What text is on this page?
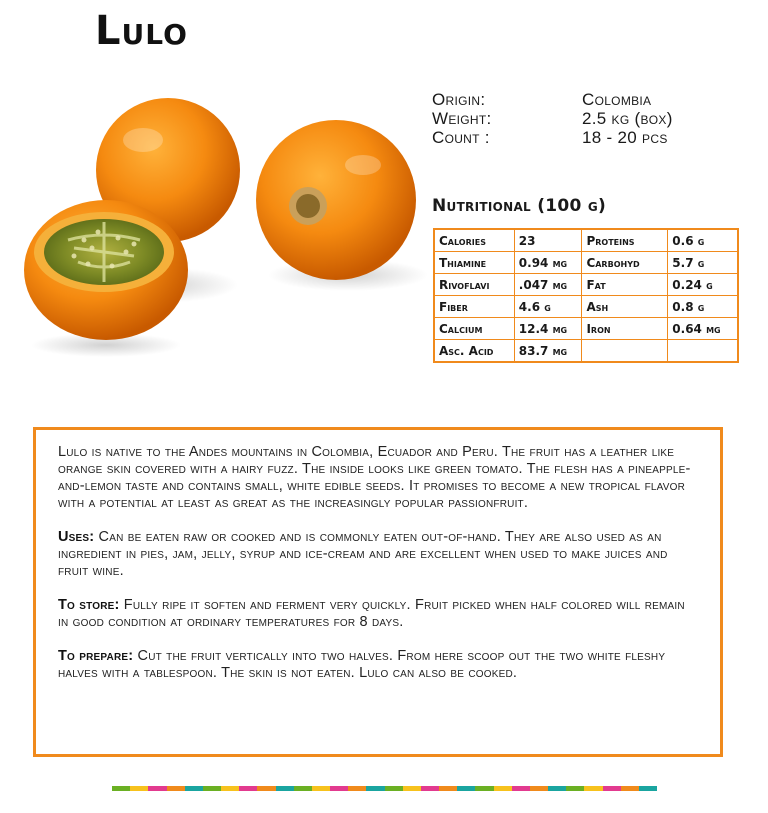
Lulo
Origin:	Colombia
Weight:	2.5 kg (box)
Count :	18 - 20 pcs
Nutritional (100 g)
Calories	23	Proteins	0.6 g
Thiamine	0.94 mg	Carbohyd	5.7 g
Rivoflavi	.047 mg	Fat	0.24 g
Fiber	4.6 g	Ash	0.8 g
Calcium	12.4 mg	Iron	0.64 mg
Asc. Acid	83.7 mg		

Lulo is native to the Andes mountains in Colombia, Ecuador and Peru. The fruit has a leather like orange skin covered with a hairy fuzz. The inside looks like green tomato. The flesh has a pineapple-and-lemon taste and contains small, white edible seeds. It promises to become a new tropical flavor with a potential at least as great as the increasingly popular passionfruit.

Uses: Can be eaten raw or cooked and is commonly eaten out-of-hand. They are also used as an ingredient in pies, jam, jelly, syrup and ice-cream and are excellent when used to make juices and fruit wine.

To store: Fully ripe it soften and ferment very quickly. Fruit picked when half colored will remain in good condition at ordinary temperatures for 8 days.

To prepare: Cut the fruit vertically into two halves. From here scoop out the two white fleshy halves with a tablespoon. The skin is not eaten. Lulo can also be cooked.
